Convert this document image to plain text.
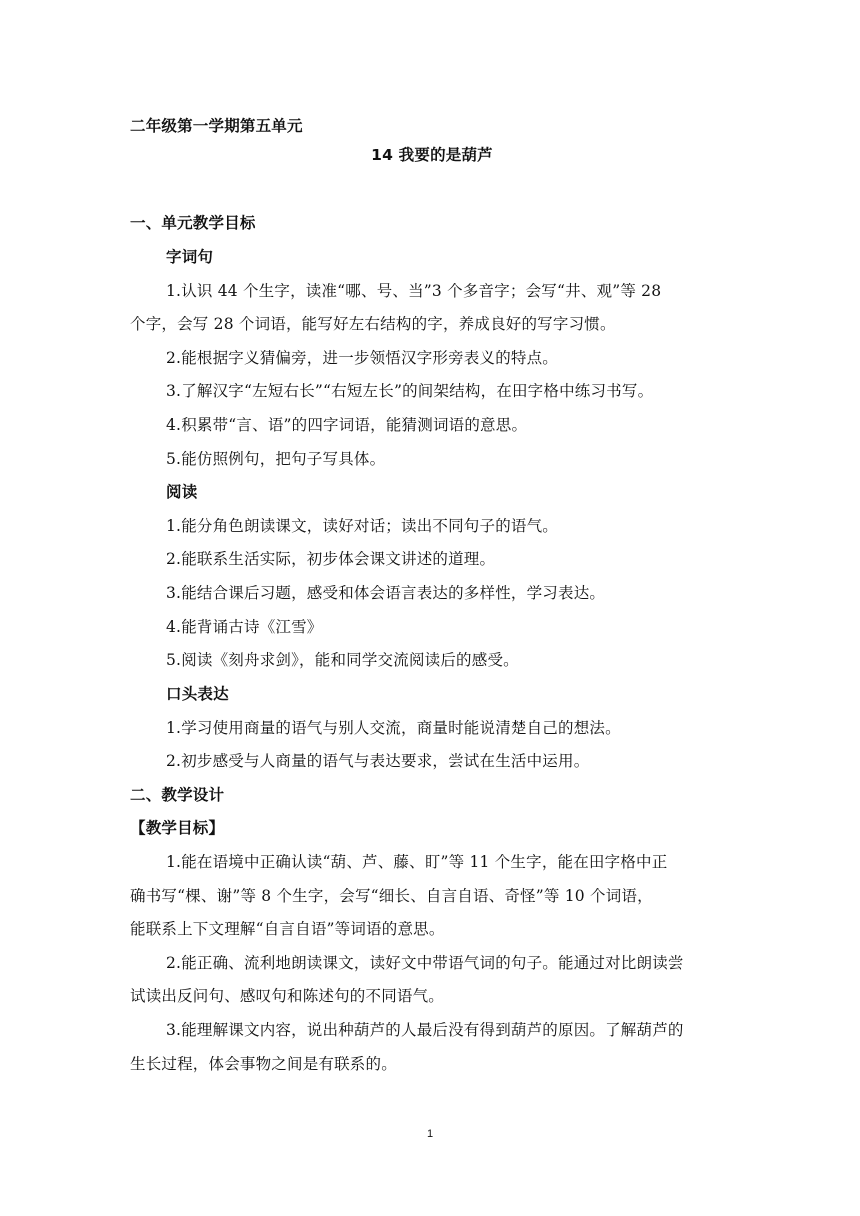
二年级第一学期第五单元
14 我要的是葫芦
一、单元教学目标
字词句
1.认识 44 个生字，读准“哪、号、当”3 个多音字；会写“井、观”等 28
个字，会写 28 个词语，能写好左右结构的字，养成良好的写字习惯。
2.能根据字义猜偏旁，进一步领悟汉字形旁表义的特点。
3.了解汉字“左短右长”“右短左长”的间架结构，在田字格中练习书写。
4.积累带“言、语”的四字词语，能猜测词语的意思。
5.能仿照例句，把句子写具体。
阅读
1.能分角色朗读课文，读好对话；读出不同句子的语气。
2.能联系生活实际，初步体会课文讲述的道理。
3.能结合课后习题，感受和体会语言表达的多样性，学习表达。
4.能背诵古诗《江雪》
5.阅读《刻舟求剑》，能和同学交流阅读后的感受。
口头表达
1.学习使用商量的语气与别人交流，商量时能说清楚自己的想法。
2.初步感受与人商量的语气与表达要求，尝试在生活中运用。
二、教学设计
【教学目标】
1.能在语境中正确认读“葫、芦、藤、盯”等 11 个生字，能在田字格中正
确书写“棵、谢”等 8 个生字，会写“细长、自言自语、奇怪”等 10 个词语，
能联系上下文理解“自言自语”等词语的意思。
2.能正确、流利地朗读课文，读好文中带语气词的句子。能通过对比朗读尝
试读出反问句、感叹句和陈述句的不同语气。
3.能理解课文内容，说出种葫芦的人最后没有得到葫芦的原因。了解葫芦的
生长过程，体会事物之间是有联系的。
1
